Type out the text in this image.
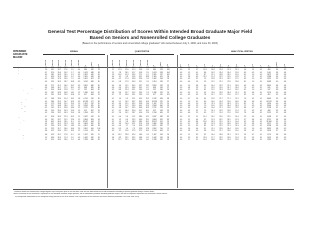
General Test Percentage Distribution of Scores Within Intended Broad Graduate Major Field
Based on Seniors and Nonenrolled College Graduates
(Based on the performance of seniors and nonenrolled college graduates* who tested between July 1, 2000, and June 30, 2003)
INTENDED
GRADUATE
MAJOR
VERBAL	QUANTITATIVE	ANALYTICAL WRITING
200-290	300-390	400-490	500-590	600-690	700-800	N	Mean	SD	200-290	300-390	400-490	500-590	600-690	700-800	N	Mean	SD	0-1	1.5	2	2.5	3	3.5	4	4.5	5	5.5	6	N	Mean	SD
0101 Agricultural Econ	0.4	33.5	36.2	22.6	7.3	0.1	311	450	86	0.7	4.4	11.3	30.2	40.5	12.8	311	584	99	0.0	1.1	2.8	6.6	11.7	22.8	26.0	19.9	7.5	1.2	0.4	308	3.9	0.8
0102 Agricultural Prod	1.6	43.2	33.7	17.6	3.5	0.4	484	432	78	2.2	12.3	22.6	31.3	25.8	5.8	484	523	108	0.0	2.3	5.7	10.3	16.8	22.4	21.3	14.1	5.6	1.4	0.1	480	3.6	0.9
0103 Agricultural Sci	0.7	37.6	35.4	20.2	5.7	0.4	1,023	448	83	1.1	7.8	18.1	31.7	31.8	9.5	1,023	558	104	0.0	1.5	4.1	8.6	14.9	23.4	24.4	15.8	6.3	0.9	0.1	1,011	3.8	0.8
0104 Animal Sciences	0.9	38.1	34.9	20.5	5.3	0.3	1,891	445	81	1.3	10.2	21.3	33.4	27.1	6.7	1,891	537	102	0.0	1.2	3.9	8.7	15.1	23.8	24.5	15.6	6.1	1.0	0.1	1,872	3.8	0.8
0105 Food Sciences	1.1	42.6	31.9	18.6	5.2	0.6	1,305	439	84	0.4	3.2	9.8	25.6	42.1	18.9	1,305	611	98	0.0	2.8	6.3	11.2	17.4	21.9	20.5	12.8	5.7	1.2	0.2	1,288	3.6	0.9
0106 Forestry	0.5	29.3	37.8	24.6	7.2	0.6	1,402	467	82	0.6	6.2	17.4	33.8	32.6	9.4	1,402	564	98	0.0	0.9	3.2	7.3	13.8	23.1	26.2	17.5	6.9	1.0	0.1	1,391	3.9	0.8
0108 Natural Resources	0.3	22.4	36.9	28.7	10.8	0.9	3,114	489	85	0.5	5.8	17.9	34.3	32.1	9.4	3,114	562	97	0.0	0.6	2.4	5.9	12.2	22.1	27.8	19.8	8.1	1.0	0.1	3,089	4.0	0.8
0201 Architecture	0.6	27.2	35.1	26.0	10.2	0.9	3,852	480	90	0.4	3.6	12.1	30.5	39.7	13.7	3,852	592	95	0.0	1.3	3.8	8.0	14.4	22.9	25.1	16.8	6.6	0.9	0.2	3,801	3.8	0.8
0202 Environmental Design	0.4	24.8	36.7	27.1	10.1	0.9	648	485	86	0.6	6.4	19.5	34.6	30.2	8.7	648	556	97	0.0	0.8	2.9	7.1	13.5	22.6	26.7	18.4	7.0	0.9	0.1	641	3.9	0.8
0203 Landscape Architecture	0.7	31.4	36.8	22.8	7.6	0.7	552	464	85	0.9	8.8	22.4	35.1	26.5	6.3	552	540	96	0.0	1.1	3.5	8.1	15.2	23.3	25.4	16.2	6.1	1.0	0.1	547	3.8	0.8
0204 Urban Planning	0.3	18.7	34.9	30.8	14.1	1.2	1,286	504	87	0.8	9.6	25.7	35.2	23.4	5.3	1,286	529	94	0.0	0.5	2.1	5.4	11.6	21.8	28.4	21.1	8.2	0.8	0.1	1,270	4.0	0.8
0205 Other	0.5	26.1	35.9	25.6	10.8	1.1	417	484	91	0.7	7.2	20.6	33.1	29.0	9.4	417	555	101	0.0	0.9	3.3	7.8	14.7	22.5	25.6	17.2	6.9	1.0	0.1	412	3.9	0.8
0401 Biochemistry	0.2	16.8	33.6	31.4	16.2	1.8	6,742	516	90	0.1	1.4	5.9	22.1	45.3	25.2	6,742	634	88	0.0	0.7	2.6	6.4	12.8	22.7	27.1	19.1	7.6	0.9	0.1	6,663	3.9	0.8
0402 Biology	0.5	28.4	35.2	24.7	10.3	0.9	61,233	477	89	0.4	5.1	16.2	33.7	34.3	10.3	61,233	570	95	0.0	1.0	3.5	8.0	14.6	23.4	25.6	16.6	6.4	0.8	0.1	60,519	3.8	0.8
0403 Botany	0.3	17.9	33.8	31.2	15.3	1.5	1,102	512	90	0.5	4.4	15.1	33.2	35.8	11.0	1,102	575	95	0.0	0.4	2.0	5.6	11.3	21.9	28.3	21.5	8.2	0.7	0.1	1,094	4.0	0.8
0404 Cell Biology	0.4	22.7	34.8	28.0	12.7	1.4	3,584	495	90	0.2	2.8	11.2	29.4	40.5	15.9	3,584	600	93	0.0	0.8	2.9	7.0	13.6	22.8	26.4	18.3	7.2	0.9	0.1	3,546	3.9	0.8
0405 Ecology	0.2	14.2	31.5	33.8	18.4	1.9	2,211	525	88	0.3	3.8	14.7	33.5	36.8	10.9	2,211	578	92	0.0	0.3	1.5	4.6	10.4	21.1	29.6	22.9	8.8	0.7	0.1	2,198	4.1	0.7
0406 Entomology	0.6	25.3	35.0	26.3	11.6	1.2	412	487	92	0.7	6.1	18.4	33.0	31.7	10.1	412	563	99	0.0	0.9	3.2	7.5	14.1	22.9	25.8	17.4	7.1	0.9	0.2	408	3.9	0.8
0407 Genetics	0.3	19.4	33.2	30.3	15.0	1.8	1,934	509	92	0.2	2.4	10.1	28.7	41.6	17.0	1,934	605	92	0.0	0.6	2.5	6.5	12.7	22.4	27.0	19.6	7.8	0.8	0.1	1,912	3.9	0.8
0501 Applied Math / Stat	0.7	31.8	33.9	22.3	10.2	1.1	2,087	470	95	0.1	0.6	2.4	11.2	38.6	47.1	2,087	682	82	0.0	2.2	5.1	10.1	16.2	22.6	22.5	14.4	5.9	0.9	0.1	2,058	3.7	0.9
0502 Chemistry	0.6	26.7	33.7	25.5	12.0	1.5	9,864	483	94	0.1	1.3	6.4	23.5	43.6	25.1	9,864	632	89	0.0	1.5	4.4	9.2	15.3	23.2	24.5	15.3	5.7	0.8	0.1	9,731	3.8	0.8
0503 Computer Sciences	1.8	40.2	30.4	18.5	8.1	1.0	32,417	444	97	0.2	1.6	5.8	18.9	38.4	35.1	32,417	651	93	0.1	4.3	8.6	13.6	18.3	21.5	18.1	10.4	4.2	0.8	0.1	31,906	3.5	1.0
0504 Earth Sciences	0.4	20.7	35.1	29.3	13.1	1.4	3,406	502	89	0.3	3.6	14.0	32.1	37.4	12.6	3,406	584	93	0.0	0.7	2.8	6.8	13.3	22.5	26.8	18.9	7.3	0.8	0.1	3,372	3.9	0.8
0505 Mathematics	0.5	23.6	32.9	26.1	14.9	2.0	4,651	496	98	0.0	0.4	1.7	9.4	35.8	52.7	4,651	692	77	0.0	1.3	4.0	8.5	14.7	22.9	25.1	16.3	6.2	0.9	0.1	4,598	3.8	0.8
0506 Physics	0.5	22.9	31.7	26.6	16.0	2.3	3,902	500	100	0.0	0.3	1.4	7.9	32.8	57.6	3,902	700	75	0.0	1.6	4.6	9.1	15.1	22.6	24.4	15.6	5.9	1.0	0.1	3,853	3.8	0.9
0507 Other	0.8	31.2	33.4	23.1	10.3	1.2	1,514	472	96	0.3	3.1	11.4	27.9	37.2	20.1	1,514	604	97	0.0	1.8	4.9	9.6	15.6	22.7	23.6	15.0	5.8	0.9	0.1	1,496	3.7	0.9
0601 Audiology	0.8	41.9	35.1	17.8	4.2	0.2	1,187	435	75	1.6	14.2	29.8	32.4	18.6	3.4	1,187	509	94	0.0	1.1	3.9	9.2	16.4	24.8	24.1	14.3	5.4	0.7	0.1	1,174	3.8	0.8
0602 Dentistry	1.3	43.6	32.4	17.4	5.0	0.3	1,642	432	81	0.8	8.9	23.1	33.5	26.8	6.9	1,642	541	98	0.0	2.3	6.2	11.8	17.7	22.9	20.6	12.4	5.1	0.9	0.1	1,619	3.6	0.9
0603 Environmental Health	1.1	41.5	33.0	18.6	5.4	0.4	1,298	436	82	1.4	11.7	25.5	33.0	22.4	6.0	1,298	525	99	0.0	1.7	5.1	10.4	16.8	23.6	22.4	13.9	5.2	0.8	0.1	1,283	3.7	0.9
* Limited to those who earned their college degrees up to two years prior to the test date. Note that the data below will include examinees intending to pursue graduate study in various fields.
Tables are based on the examinees' responses to the Intended Graduate Major question; not all examinees provided intended graduate majors, and not all responses represent the examinees' actual choices.
** The interpretive information for the analytical writing section of the GRE General Test is published in the brochure and on the website (November 2002 and June 2003).
